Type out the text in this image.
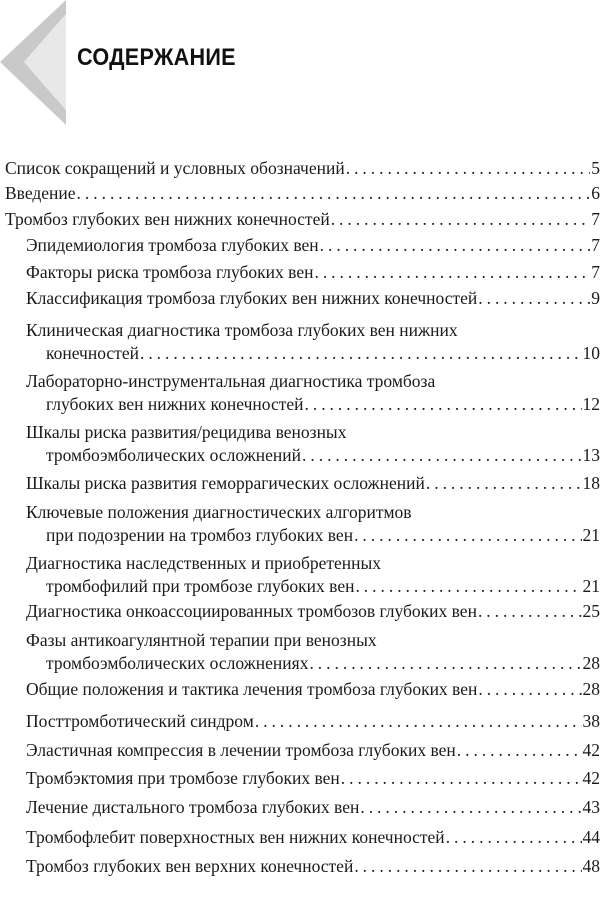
СОДЕРЖАНИЕ
Список сокращений и условных обозначений . . .	5
Введение . . .	6
Тромбоз глубоких вен нижних конечностей . . .	7
Эпидемиология тромбоза глубоких вен . . .	7
Факторы риска тромбоза глубоких вен . . .	7
Классификация тромбоза глубоких вен нижних конечностей . . .	9
Клиническая диагностика тромбоза глубоких вен нижних
конечностей . . .	10
Лабораторно-инструментальная диагностика тромбоза
глубоких вен нижних конечностей . . .	12
Шкалы риска развития/рецидива венозных
тромбоэмболических осложнений . . .	13
Шкалы риска развития геморрагических осложнений . . .	18
Ключевые положения диагностических алгоритмов
при подозрении на тромбоз глубоких вен . . .	21
Диагностика наследственных и приобретенных
тромбофилий при тромбозе глубоких вен . . .	21
Диагностика онкоассоциированных тромбозов глубоких вен . . .	25
Фазы антикоагулянтной терапии при венозных
тромбоэмболических осложнениях . . .	28
Общие положения и тактика лечения тромбоза глубоких вен . . .	28
Посттромботический синдром . . .	38
Эластичная компрессия в лечении тромбоза глубоких вен . . .	42
Тромбэктомия при тромбозе глубоких вен . . .	42
Лечение дистального тромбоза глубоких вен . . .	43
Тромбофлебит поверхностных вен нижних конечностей . . .	44
Тромбоз глубоких вен верхних конечностей . . .	48
